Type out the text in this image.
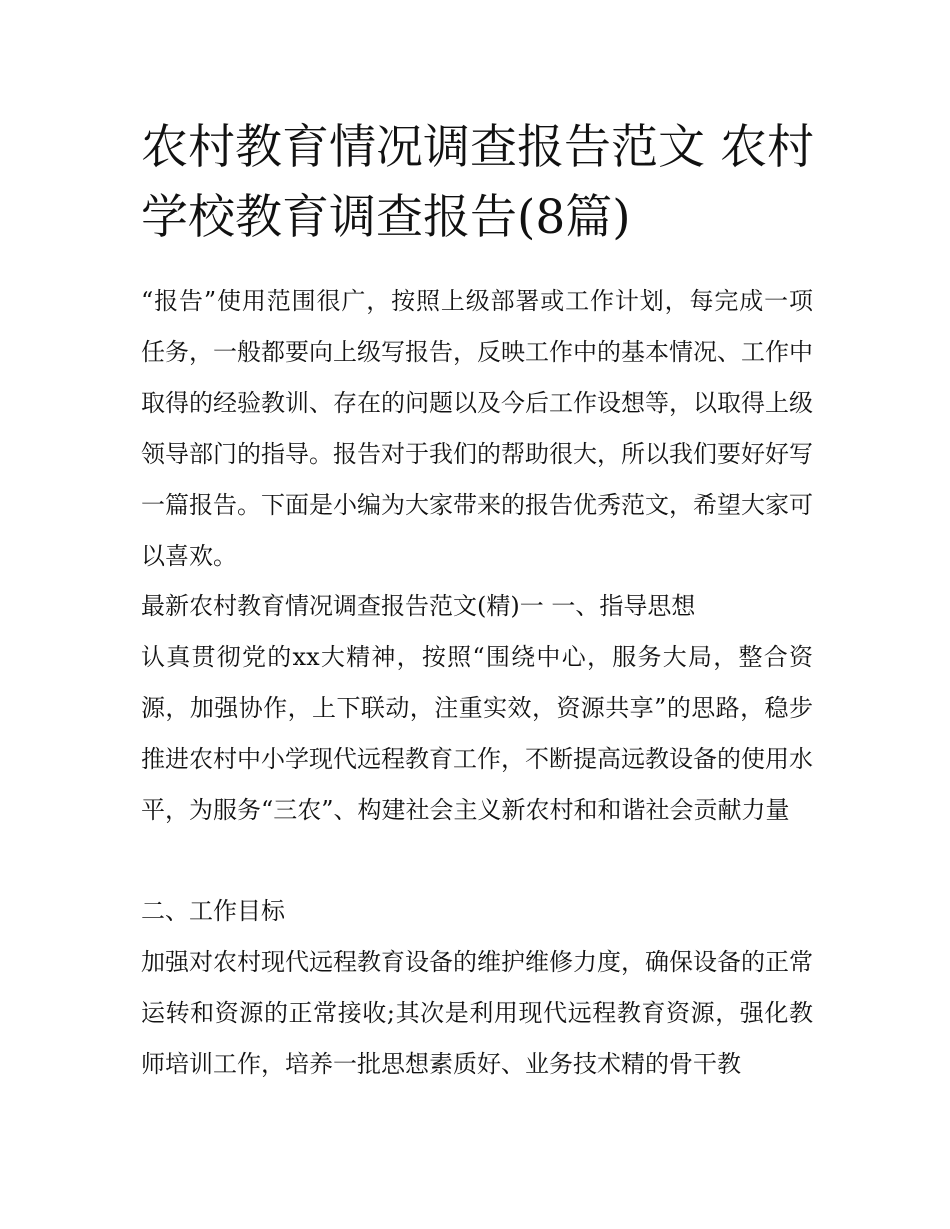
农村教育情况调查报告范文 农村学校教育调查报告(8篇)

“报告”使用范围很广，按照上级部署或工作计划，每完成一项任务，一般都要向上级写报告，反映工作中的基本情况、工作中取得的经验教训、存在的问题以及今后工作设想等，以取得上级领导部门的指导。报告对于我们的帮助很大，所以我们要好好写一篇报告。下面是小编为大家带来的报告优秀范文，希望大家可以喜欢。

最新农村教育情况调查报告范文(精)一 一、指导思想

认真贯彻党的xx大精神，按照“围绕中心，服务大局，整合资源，加强协作，上下联动，注重实效，资源共享”的思路，稳步推进农村中小学现代远程教育工作，不断提高远教设备的使用水平，为服务“三农”、构建社会主义新农村和和谐社会贡献力量

二、工作目标

加强对农村现代远程教育设备的维护维修力度，确保设备的正常运转和资源的正常接收;其次是利用现代远程教育资源，强化教师培训工作，培养一批思想素质好、业务技术精的骨干教
